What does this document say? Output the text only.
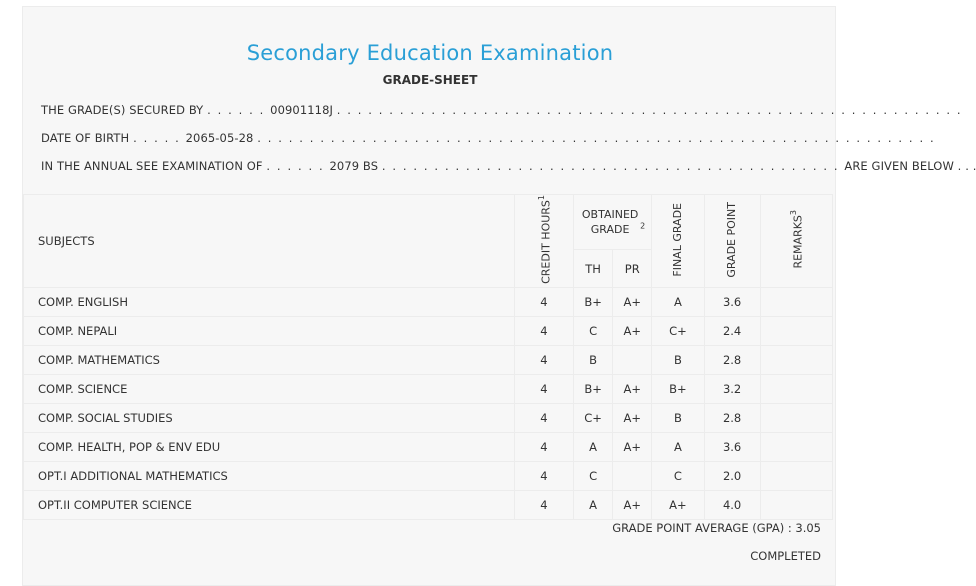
Secondary Education Examination
GRADE-SHEET
THE GRADE(S) SECURED BY . . . . . . 00901118J . . . . . . . . . . . . . . . . . . . . . . . . . . . . . . . . . . . . . . . . . . . . . . . . . . . . . . . . . . . .
DATE OF BIRTH . . . . . 2065-05-28 . . . . . . . . . . . . . . . . . . . . . . . . . . . . . . . . . . . . . . . . . . . . . . . . . . . . . . . . . . . . . . . . .
IN THE ANNUAL SEE EXAMINATION OF . . . . . . 2079 BS . . . . . . . . . . . . . . . . . . . . . . . . . . . . . . . . . . . . . . . . . . . . ARE GIVEN BELOW . . .
SUBJECTS	CREDIT HOURS$^1$	OBTAINED GRADE $^2$		FINAL GRADE	GRADE POINT	REMARKS$^3$
		TH	PR			
COMP. ENGLISH	4	B+	A+	A	3.6	
COMP. NEPALI	4	C	A+	C+	2.4	
COMP. MATHEMATICS	4	B		B	2.8	
COMP. SCIENCE	4	B+	A+	B+	3.2	
COMP. SOCIAL STUDIES	4	C+	A+	B	2.8	
COMP. HEALTH, POP & ENV EDU	4	A	A+	A	3.6	
OPT.I ADDITIONAL MATHEMATICS	4	C		C	2.0	
OPT.II COMPUTER SCIENCE	4	A	A+	A+	4.0	
GRADE POINT AVERAGE (GPA) : 3.05
COMPLETED
